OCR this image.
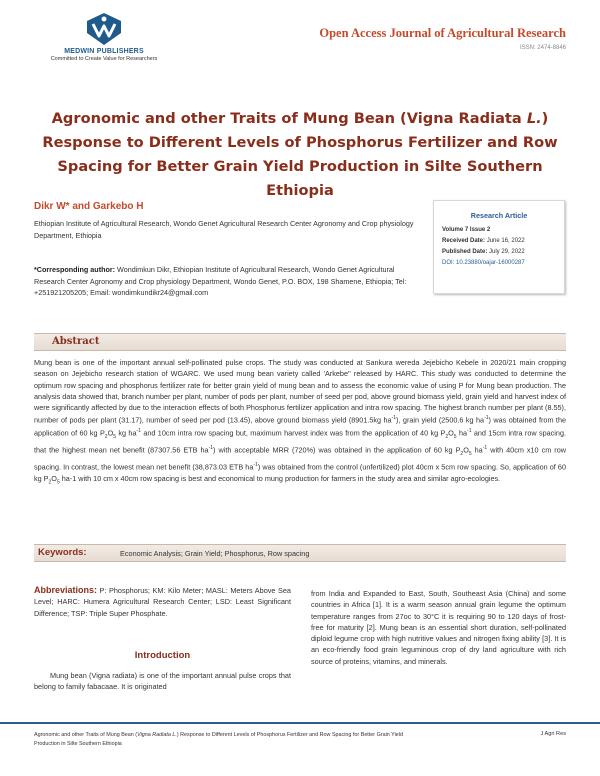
MEDWIN PUBLISHERS
Committed to Create Value for Researchers
Open Access Journal of Agricultural Research
ISSN: 2474-8846
Agronomic and other Traits of Mung Bean (Vigna Radiata L.)
Response to Different Levels of Phosphorus Fertilizer and Row
Spacing for Better Grain Yield Production in Silte Southern Ethiopia
Dikr W* and Garkebo H
Ethiopian Institute of Agricultural Research, Wondo Genet Agricultural Research Center Agronomy and Crop physiology Department, Ethiopia
*Corresponding author: Wondimkun Dikr, Ethiopian Institute of Agricultural Research, Wondo Genet Agricultural Research Center Agronomy and Crop physiology Department, Wondo Genet, P.O. BOX, 198 Shamene, Ethiopia; Tel: +251921205205; Email: wondimkundikr24@gmail.com
Research Article
Volume 7 Issue 2
Received Date: June 16, 2022
Published Date: July 29, 2022
DOI: 10.23880/oajar-16000287
Abstract
Mung bean is one of the important annual self-pollinated pulse crops. The study was conducted at Sankura wereda Jejebicho Kebele in 2020/21 main cropping season on Jejebicho research station of WGARC. We used mung bean variety called 'Arkebe'' released by HARC. This study was conducted to determine the optimum row spacing and phosphorus fertilizer rate for better grain yield of mung bean and to assess the economic value of using P for Mung bean production. The analysis data showed that, branch number per plant, number of pods per plant, number of seed per pod, above ground biomass yield, grain yield and harvest index of were significantly affected by due to the interaction effects of both Phosphorus fertilizer application and intra row spacing. The highest branch number per plant (8.55), number of pods per plant (31.17), number of seed per pod (13.45), above ground biomass yield (8901.5kg $ha^{-1}$), grain yield (2500.6 kg $ha^{-1}$) was obtained from the application of 60 kg $P_2O_5$ kg $ha^{-1}$ and 10cm intra row spacing but, maximum harvest index was from the application of 40 kg $P_2O_5$ $ha^{-1}$ and 15cm intra row spacing. that the highest mean net benefit (87307.56 ETB $ha^{-1}$) with acceptable MRR (720%) was obtained in the application of 60 kg $P_2O_5$ $ha^{-1}$ with 40cm x10 cm row spacing. In contrast, the lowest mean net benefit (38,873.03 ETB $ha^{-1}$) was obtained from the control (unfertilized) plot 40cm x 5cm row spacing. So, application of 60 kg $P_2O_5$ ha-1 with 10 cm x 40cm row spacing is best and economical to mung production for farmers in the study area and similar agro-ecologies.
Keywords:	Economic Analysis; Grain Yield; Phosphorus, Row spacing
Abbreviations: P: Phosphorus; KM: Kilo Meter; MASL: Meters Above Sea Level; HARC: Humera Agricultural Research Center; LSD: Least Significant Difference; TSP: Triple Super Phosphate.
Introduction
Mung bean (Vigna radiata) is one of the important annual pulse crops that belong to family fabacaae. It is originated
from India and Expanded to East, South, Southeast Asia (China) and some countries in Africa [1]. It is a warm season annual grain legume the optimum temperature ranges from 27oc to 30°C it is requiring 90 to 120 days of frost-free for maturity [2]. Mung bean is an essential short duration, self-pollinated diploid legume crop with high nutritive values and nitrogen fixing ability [3]. It is an eco-friendly food grain leguminous crop of dry land agriculture with rich source of proteins, vitamins, and minerals.
Agronomic and other Traits of Mung Bean (Vigna Radiata L.) Response to Different Levels of Phosphorus Fertilizer and Row Spacing for Better Grain Yield Production in Silte Southern Ethiopia
J Agri Res
